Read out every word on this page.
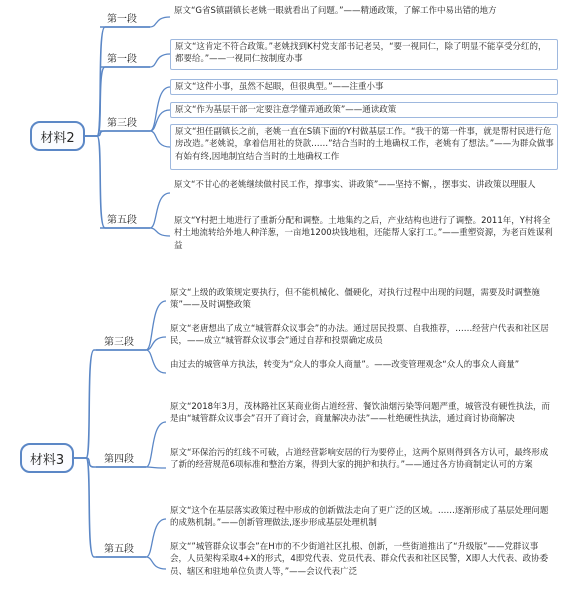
材料2
第一段
第一段
第三段
第五段
原文“G省S镇副镇长老姚一眼就看出了问题。”——精通政策，了解工作中易出错的地方
原文“这肯定不符合政策。”老姚找到K村党支部书记老吴，“要一视同仁，除了明显不能享受分红的，都要给。”——一视同仁按制度办事
原文“这件小事，虽然不起眼，但很典型。”——注重小事
原文“作为基层干部一定要注意学懂弄通政策”——通读政策
原文“担任副镇长之前，老姚一直在S镇下面的Y村做基层工作。“我干的第一件事，就是帮村民进行危房改造。”老姚说，拿着信用社的贷款……”结合当时的土地确权工作，老姚有了想法。”——为群众做事有始有终,因地制宜结合当时的土地确权工作
原文“不甘心的老姚继续做村民工作，撑事实、讲政策”——坚持不懈，，摆事实、讲政策以理服人
原文“Y村把土地进行了重新分配和调整。土地集约之后，产业结构也进行了调整。2011年，Y村将全村土地流转给外地人种洋葱，一亩地1200块钱地租，还能帮人家打工。”——重塑资源，为老百姓谋利益
材料3
第三段
第四段
第五段
原文“上级的政策规定要执行，但不能机械化、僵硬化，对执行过程中出现的问题，需要及时调整施策”——及时调整政策
原文“老唐想出了成立“城管群众议事会”的办法。通过居民投票、自我推荐，……经营户代表和社区居民，——成立“城管群众议事会”通过自荐和投票确定成员
由过去的城管单方执法，转变为“众人的事众人商量”。——改变管理观念“众人的事众人商量”
原文“2018年3月，茂林路社区某商业街占道经营、餐饮油烟污染等问题严重，城管没有硬性执法，而是由“城管群众议事会”召开了商讨会，商量解决办法”——杜绝硬性执法，通过商讨协商解决
原文“环保治污的红线不可破，占道经营影响安居的行为要停止，这两个原则得到各方认可，最终形成了新的经营规范6项标准和整治方案，得到大家的拥护和执行。”——通过各方协商制定认可的方案
原文“这个在基层落实政策过程中形成的创新做法走向了更广泛的区域。……逐渐形成了基层处理问题的成熟机制。”——创新管理做法,逐步形成基层处理机制
原文“”城管群众议事会”在H市的不少街道社区扎根、创新，一些街道推出了“升级版”——党群议事会，人员架构采取4+X的形式，4即党代表、党员代表、群众代表和社区民警，X即人大代表、政协委员、辖区和驻地单位负责人等，”——会议代表广泛
